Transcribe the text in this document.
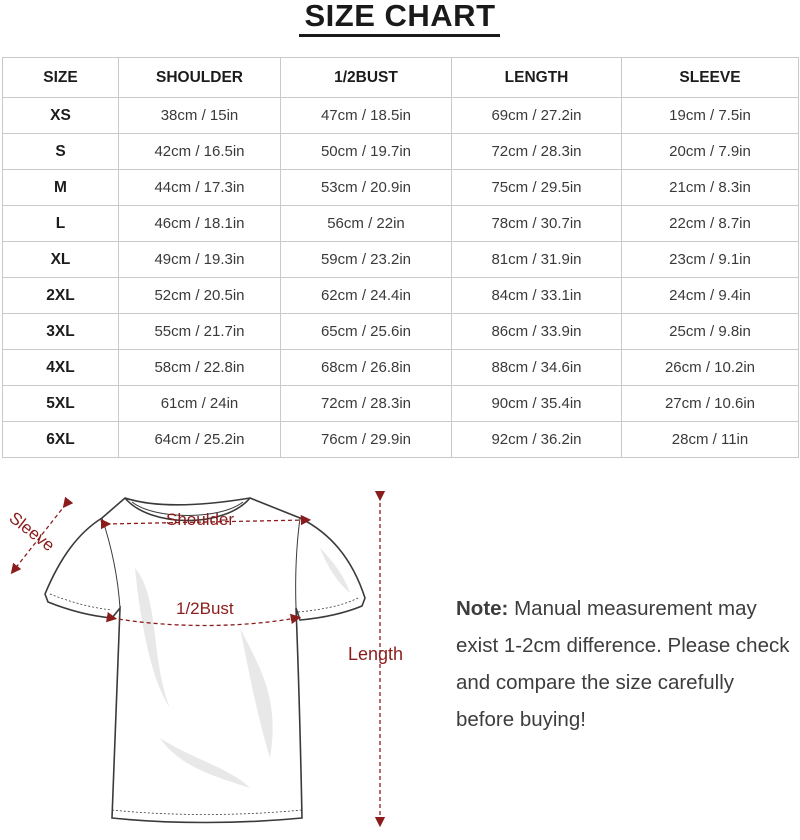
SIZE CHART
SIZE	SHOULDER	1/2BUST	LENGTH	SLEEVE
XS	38cm / 15in	47cm / 18.5in	69cm / 27.2in	19cm / 7.5in
S	42cm / 16.5in	50cm / 19.7in	72cm / 28.3in	20cm / 7.9in
M	44cm / 17.3in	53cm / 20.9in	75cm / 29.5in	21cm / 8.3in
L	46cm / 18.1in	56cm / 22in	78cm / 30.7in	22cm / 8.7in
XL	49cm / 19.3in	59cm / 23.2in	81cm / 31.9in	23cm / 9.1in
2XL	52cm / 20.5in	62cm / 24.4in	84cm / 33.1in	24cm / 9.4in
3XL	55cm / 21.7in	65cm / 25.6in	86cm / 33.9in	25cm / 9.8in
4XL	58cm / 22.8in	68cm / 26.8in	88cm / 34.6in	26cm / 10.2in
5XL	61cm / 24in	72cm / 28.3in	90cm / 35.4in	27cm / 10.6in
6XL	64cm / 25.2in	76cm / 29.9in	92cm / 36.2in	28cm / 11in
Sleeve	Shoulder
1/2Bust
Length
Note: Manual measurement may exist 1-2cm difference. Please check and compare the size carefully before buying!
